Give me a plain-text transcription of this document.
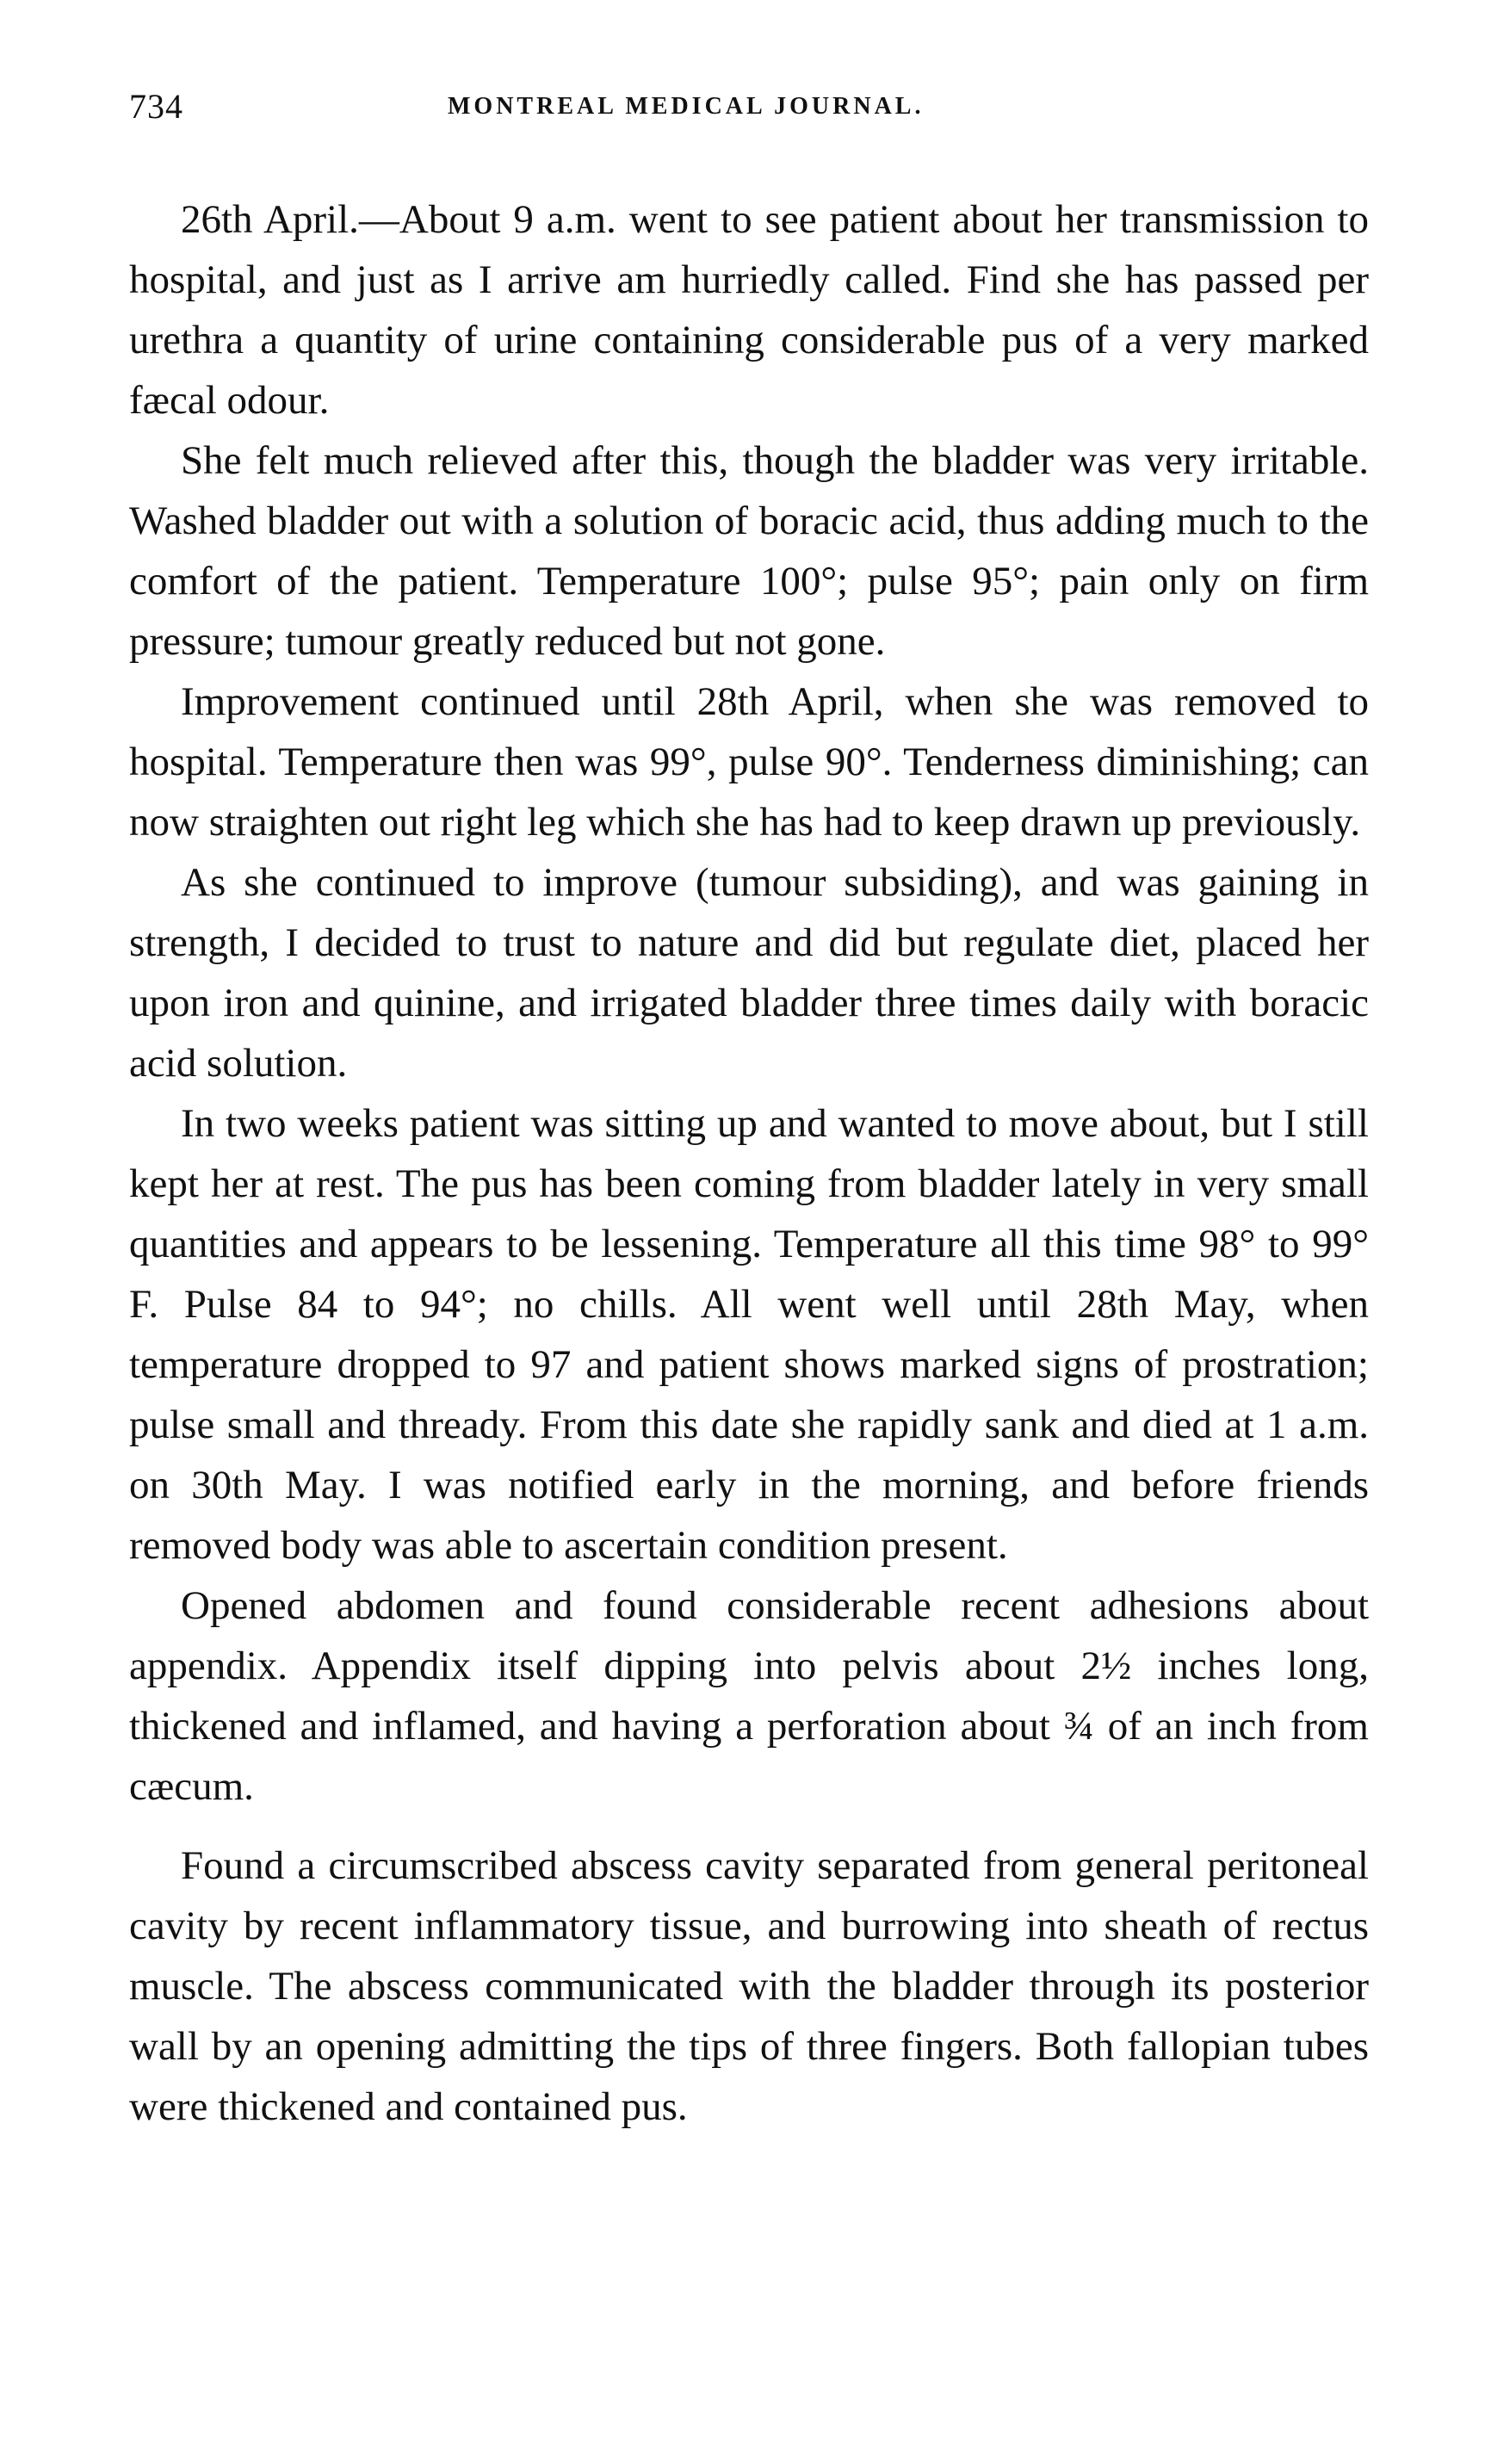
734	MONTREAL MEDICAL JOURNAL.

26th April.—About 9 a.m. went to see patient about her transmission to hospital, and just as I arrive am hurriedly called. Find she has passed per urethra a quantity of urine containing considerable pus of a very marked fæcal odour.

She felt much relieved after this, though the bladder was very irritable. Washed bladder out with a solution of boracic acid, thus adding much to the comfort of the patient. Temperature 100°; pulse 95°; pain only on firm pressure; tumour greatly reduced but not gone.

Improvement continued until 28th April, when she was removed to hospital. Temperature then was 99°, pulse 90°. Tenderness diminishing; can now straighten out right leg which she has had to keep drawn up previously.

As she continued to improve (tumour subsiding), and was gaining in strength, I decided to trust to nature and did but regulate diet, placed her upon iron and quinine, and irrigated bladder three times daily with boracic acid solution.

In two weeks patient was sitting up and wanted to move about, but I still kept her at rest. The pus has been coming from bladder lately in very small quantities and appears to be lessening. Temperature all this time 98° to 99° F. Pulse 84 to 94°; no chills. All went well until 28th May, when temperature dropped to 97 and patient shows marked signs of prostration; pulse small and thready. From this date she rapidly sank and died at 1 a.m. on 30th May. I was notified early in the morning, and before friends removed body was able to ascertain condition present.

Opened abdomen and found considerable recent adhesions about appendix. Appendix itself dipping into pelvis about 2½ inches long, thickened and inflamed, and having a perforation about ¾ of an inch from cæcum.

Found a circumscribed abscess cavity separated from general peritoneal cavity by recent inflammatory tissue, and burrowing into sheath of rectus muscle. The abscess communicated with the bladder through its posterior wall by an opening admitting the tips of three fingers. Both fallopian tubes were thickened and contained pus.
